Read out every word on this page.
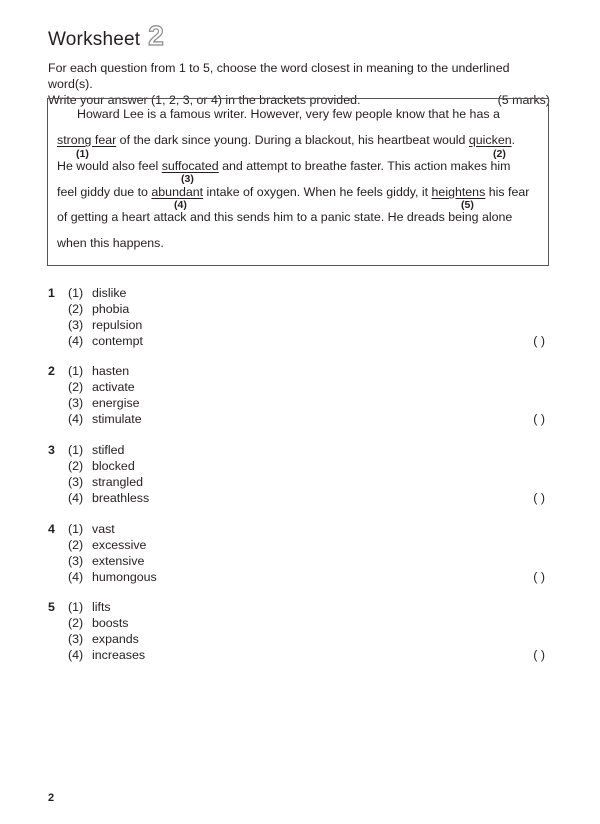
Worksheet 2
For each question from 1 to 5, choose the word closest in meaning to the underlined word(s).
Write your answer (1, 2, 3, or 4) in the brackets provided.	(5 marks)
Howard Lee is a famous writer. However, very few people know that he has a
strong fear of the dark since young. During a blackout, his heartbeat would quicken.
(1)	(2)
He would also feel suffocated and attempt to breathe faster. This action makes him
(3)
feel giddy due to abundant intake of oxygen. When he feels giddy, it heightens his fear
(4)	(5)
of getting a heart attack and this sends him to a panic state. He dreads being alone
when this happens.
1 (1) dislike
(2) phobia
(3) repulsion
(4) contempt	( )
2 (1) hasten
(2) activate
(3) energise
(4) stimulate	( )
3 (1) stifled
(2) blocked
(3) strangled
(4) breathless	( )
4 (1) vast
(2) excessive
(3) extensive
(4) humongous	( )
5 (1) lifts
(2) boosts
(3) expands
(4) increases	( )
2
